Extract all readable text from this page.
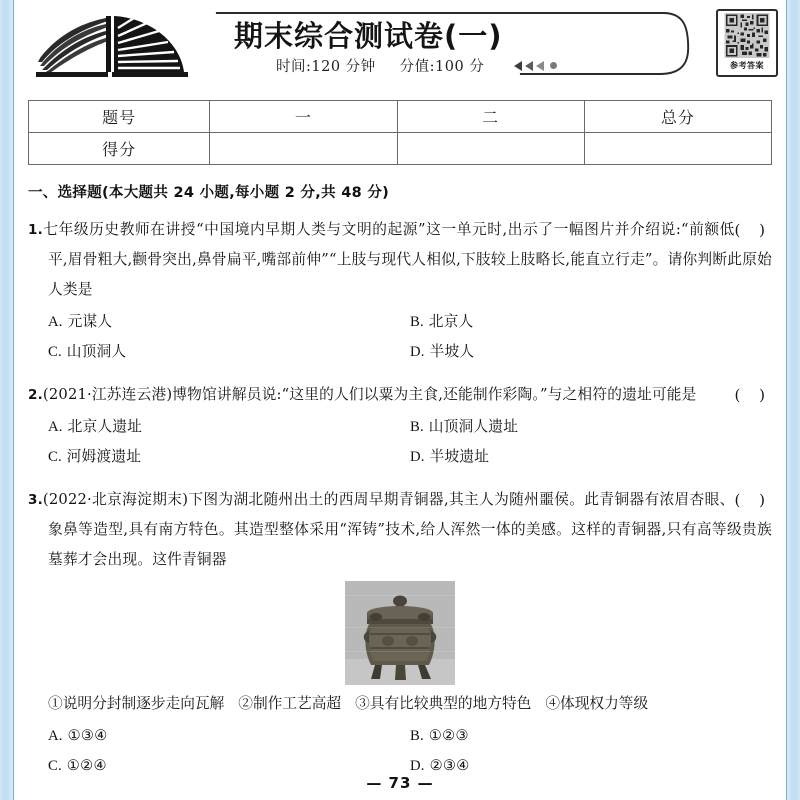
期末综合测试卷(一)
时间:120 分钟 分值:100 分	参考答案
题号	一	二	总分
得分			
一、选择题(本大题共 24 小题,每小题 2 分,共 48 分)
( )
1.七年级历史教师在讲授“中国境内早期人类与文明的起源”这一单元时,出示了一幅图片并介绍说:“前额低平,眉骨粗大,颧骨突出,鼻骨扁平,嘴部前伸”“上肢与现代人相似,下肢较上肢略长,能直立行走”。请你判断此原始人类是
A. 元谋人	B. 北京人
C. 山顶洞人	D. 半坡人
( )
2.(2021·江苏连云港)博物馆讲解员说:“这里的人们以粟为主食,还能制作彩陶。”与之相符的遗址可能是
A. 北京人遗址	B. 山顶洞人遗址
C. 河姆渡遗址	D. 半坡遗址
( )
3.(2022·北京海淀期末)下图为湖北随州出土的西周早期青铜器,其主人为随州噩侯。此青铜器有浓眉杏眼、象鼻等造型,具有南方特色。其造型整体采用“浑铸”技术,给人浑然一体的美感。这样的青铜器,只有高等级贵族墓葬才会出现。这件青铜器
①说明分封制逐步走向瓦解 ②制作工艺高超 ③具有比较典型的地方特色 ④体现权力等级
A. ①③④	B. ①②③
C. ①②④	D. ②③④
— 73 —
